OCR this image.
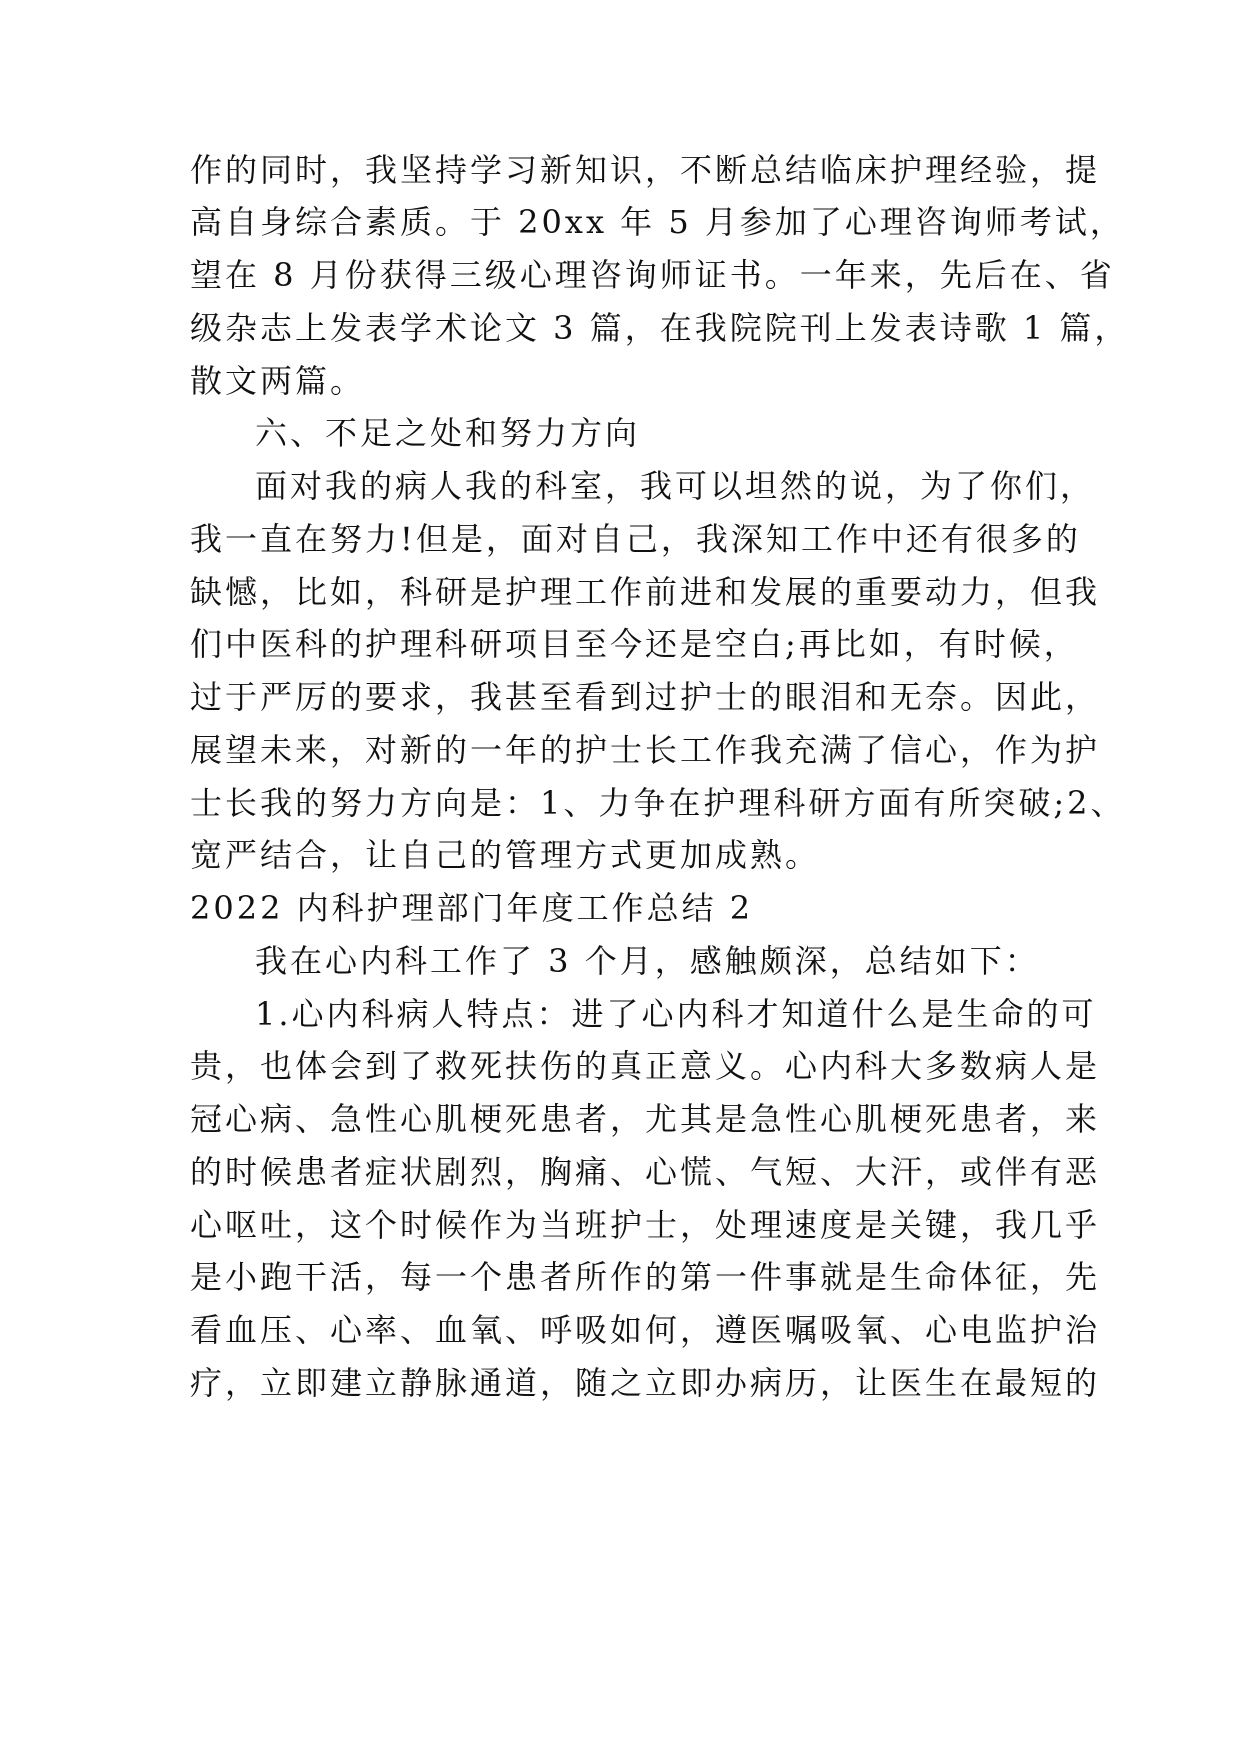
作的同时，我坚持学习新知识，不断总结临床护理经验，提
高自身综合素质。于 20xx 年 5 月参加了心理咨询师考试，
望在 8 月份获得三级心理咨询师证书。一年来，先后在、省
级杂志上发表学术论文 3 篇，在我院院刊上发表诗歌 1 篇，
散文两篇。
六、不足之处和努力方向
面对我的病人我的科室，我可以坦然的说，为了你们，
我一直在努力!但是，面对自己，我深知工作中还有很多的
缺憾，比如，科研是护理工作前进和发展的重要动力，但我
们中医科的护理科研项目至今还是空白;再比如，有时候，
过于严厉的要求，我甚至看到过护士的眼泪和无奈。因此，
展望未来，对新的一年的护士长工作我充满了信心，作为护
士长我的努力方向是：1、力争在护理科研方面有所突破;2、
宽严结合，让自己的管理方式更加成熟。
2022 内科护理部门年度工作总结 2
我在心内科工作了 3 个月，感触颇深，总结如下：
1.心内科病人特点：进了心内科才知道什么是生命的可
贵，也体会到了救死扶伤的真正意义。心内科大多数病人是
冠心病、急性心肌梗死患者，尤其是急性心肌梗死患者，来
的时候患者症状剧烈，胸痛、心慌、气短、大汗，或伴有恶
心呕吐，这个时候作为当班护士，处理速度是关键，我几乎
是小跑干活，每一个患者所作的第一件事就是生命体征，先
看血压、心率、血氧、呼吸如何，遵医嘱吸氧、心电监护治
疗，立即建立静脉通道，随之立即办病历，让医生在最短的
